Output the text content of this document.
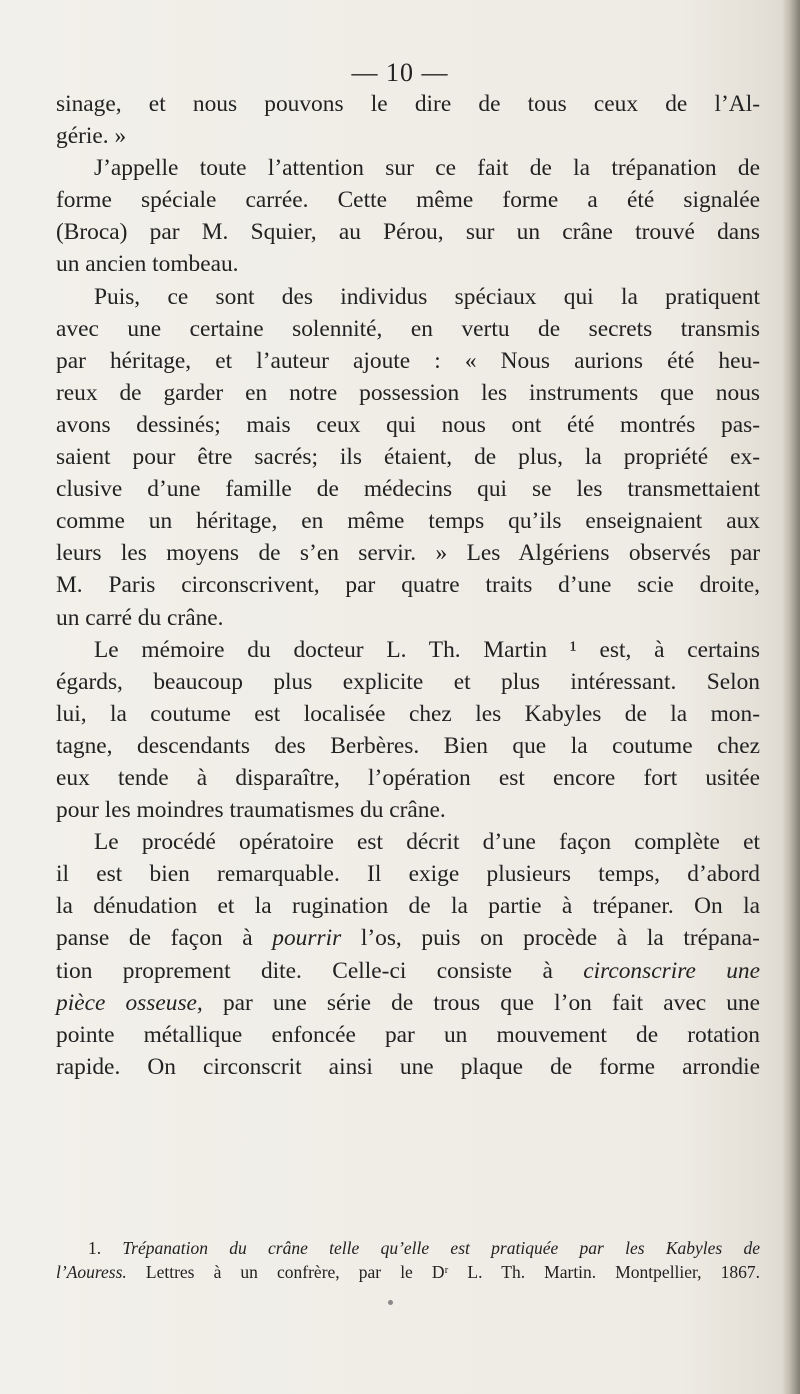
— 10 —
sinage, et nous pouvons le dire de tous ceux de l’Al-
gérie. »
J’appelle toute l’attention sur ce fait de la trépanation de
forme spéciale carrée. Cette même forme a été signalée
(Broca) par M. Squier, au Pérou, sur un crâne trouvé dans
un ancien tombeau.
Puis, ce sont des individus spéciaux qui la pratiquent
avec une certaine solennité, en vertu de secrets transmis
par héritage, et l’auteur ajoute : « Nous aurions été heu-
reux de garder en notre possession les instruments que nous
avons dessinés; mais ceux qui nous ont été montrés pas-
saient pour être sacrés; ils étaient, de plus, la propriété ex-
clusive d’une famille de médecins qui se les transmettaient
comme un héritage, en même temps qu’ils enseignaient aux
leurs les moyens de s’en servir. » Les Algériens observés par
M. Paris circonscrivent, par quatre traits d’une scie droite,
un carré du crâne.
Le mémoire du docteur L. Th. Martin ¹ est, à certains
égards, beaucoup plus explicite et plus intéressant. Selon
lui, la coutume est localisée chez les Kabyles de la mon-
tagne, descendants des Berbères. Bien que la coutume chez
eux tende à disparaître, l’opération est encore fort usitée
pour les moindres traumatismes du crâne.
Le procédé opératoire est décrit d’une façon complète et
il est bien remarquable. Il exige plusieurs temps, d’abord
la dénudation et la rugination de la partie à trépaner. On la
panse de façon à pourrir l’os, puis on procède à la trépana-
tion proprement dite. Celle-ci consiste à circonscrire une
pièce osseuse, par une série de trous que l’on fait avec une
pointe métallique enfoncée par un mouvement de rotation
rapide. On circonscrit ainsi une plaque de forme arrondie
1. Trépanation du crâne telle qu’elle est pratiquée par les Kabyles de
l’Aouress. Lettres à un confrère, par le Dʳ L. Th. Martin. Montpellier, 1867.
